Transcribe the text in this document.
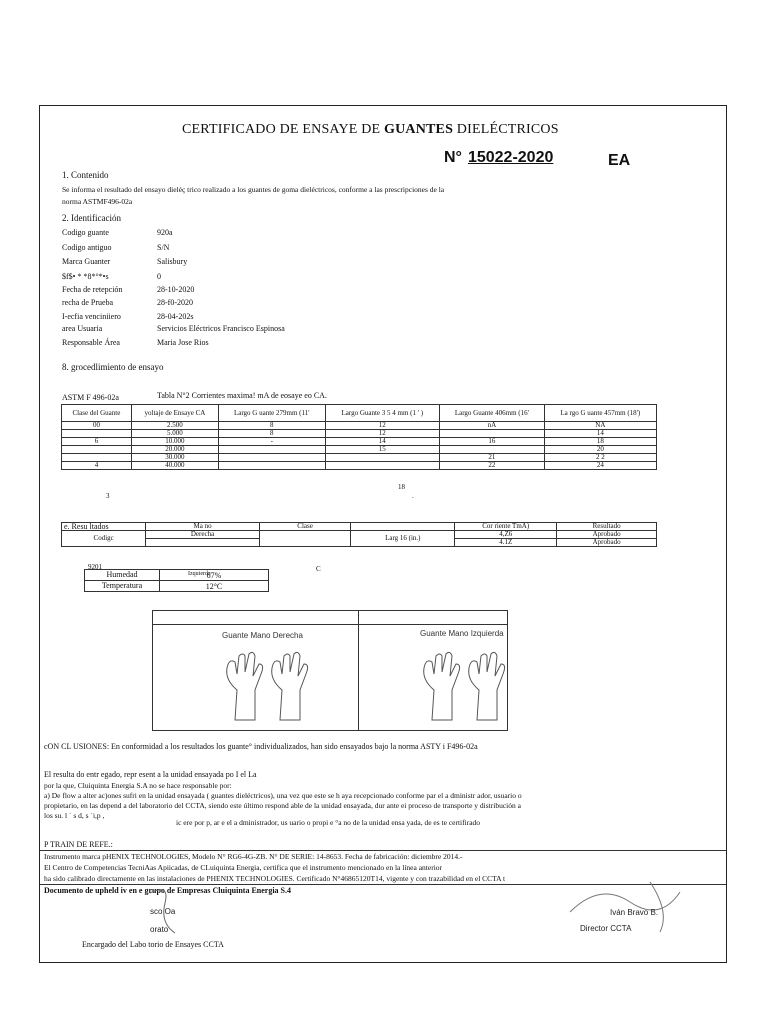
CERTIFICADO DE ENSAYE DE GUANTES DIELÉCTRICOS
N° 15022-2020	EA
1. Contenido
Se informa el resultado del ensayo dieléç trico realizado a los guantes de goma dieléctricos, conforme a las prescripciones de la
norma ASTMF496-02a
2. Identificación
Codigo guante	920a
Codigo antiguo	S/N
Marca Guanter	Salisbury
$f$• * *8*°*•s	0
Fecha de retepción	28-10-2020
recha de Prueba	28-f0-2020
I-ecfia venciniiero	28-04-202s
area Usuaria	Servicios Eléctricos Francisco Espinosa
Responsable Área	Maria Jose Rios
8. grocedlimiento de ensayo
ASTM F 496-02a	Tabla N°2 Corrientes maxima! mA de eosaye eo CA.
Clase del Guante	yoltaje de Ensaye CA	Largo G uante 279mm (11'	Largo Guante 3 5 4 mm (1 ' )	Largo Guante 406mm (16'	La rgo G uante 457mm (18')
00	2.500	8	12	nA	NA
	5.000	8	12		14
6	10.000	-	14	16	18
	20.000		15		20
	30.000			21	2 2
4	40.000			22	24
3
18
.
e. Resu ltados	Ma no	Clase		Cor riente TmA)	Resultado
Codigc	Derecha		Larg 16 (in.)	4,Z6	Aprobado
				4.1Z	Aprobado
9201
Izquierda
C
Humedad	67%
Temperatura	12°C
Guante Mano Derecha	Guante Mano Izquierda
cON CL USIONES: En conformidad a los resultados los guante° individualizados, han sido ensayados bajo la norma ASTY i F496-02a
El resulta do entr egado, repr esent a la unidad ensayada po I el La
por la que, Cluiquinta Energia S.A no se hace responsable por:
a) De flow a alter ac)ones sufri en la unidad ensayada ( guantes dieléctricos), una vez que este se h aya recepcionado conforme par el a dministr ador, usuario o
propietario, en las depend a del laboratorio del CCTA, siendo este último respond able de la unidad ensayada, dur ante ei proceso de transporte y distribución a
los su. l ˙ s d, s ˙i,p ,
ic ere por p, ar e el a dministrador, us uario o propi e °a no de la unidad ensa yada, de es te certifirado
P TRAIN DE REFE.:
Instrumento marca pHENIX TECHNOLOGIES, Modelo N° RG6-4G-ZB. N° DE SERIE: 14-8653. Fecha de fabricación: diciembre 2014.-
El Centro de Competencias TecniAas Apiicadas, de CLuiquinta Energia, certifica que el instrumento mencionado en la línea anterior
ha sido calibrado directamente en las instalaciones de PHENIX TECHNOLOGIES. Certificado N°46865120T14, vigente y con trazabilidad en el CCTA t
Documento de upheld iv en e grupo de Empresas Cluiquinta Energia S.4
sco Oa
orato
Encargado del Labo torio de Ensayes CCTA
Iván Bravo B.
Director CCTA
